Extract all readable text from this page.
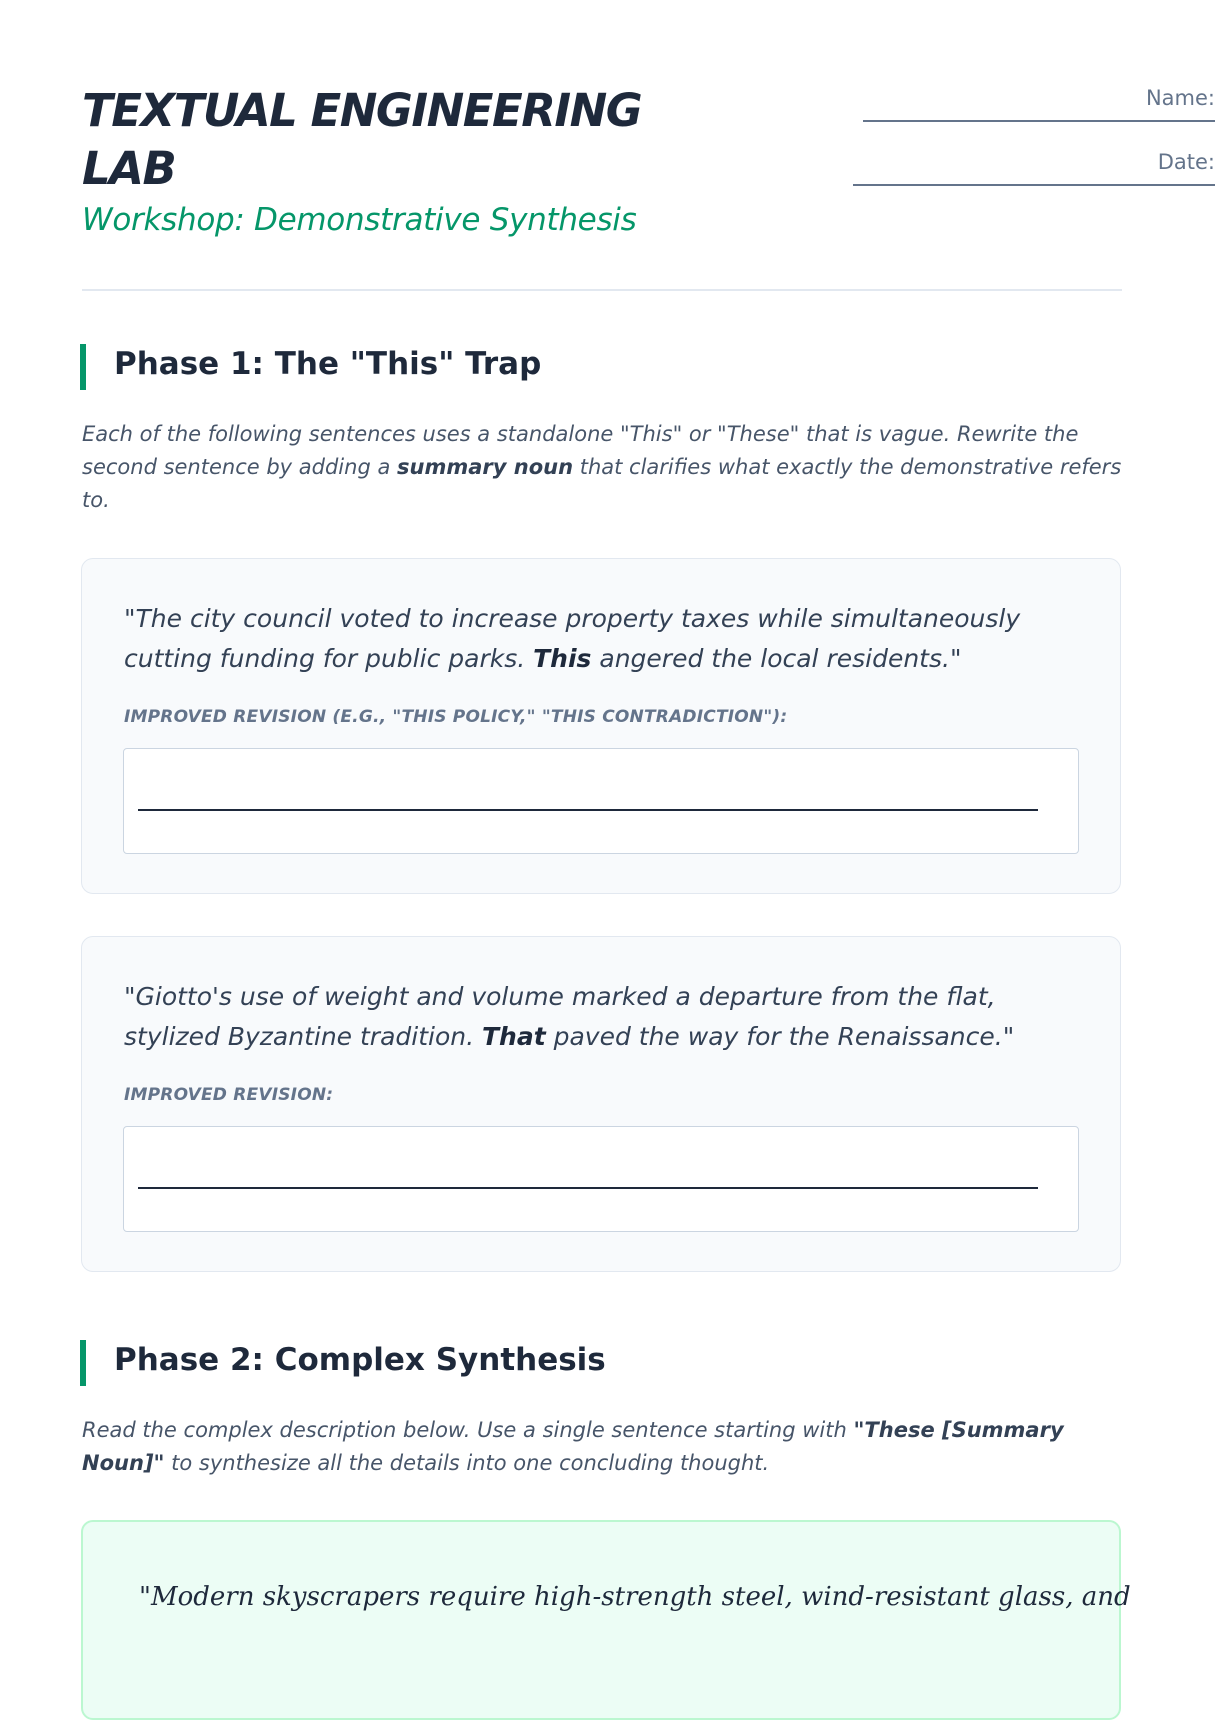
TEXTUAL ENGINEERING LAB

Workshop: Demonstrative Synthesis

Name:
Date:
Phase 1: The "This" Trap

Each of the following sentences uses a standalone "This" or "These" that is vague. Rewrite the second sentence by adding a summary noun that clarifies what exactly the demonstrative refers to.

"The city council voted to increase property taxes while simultaneously cutting funding for public parks. This angered the local residents."

IMPROVED REVISION (E.G., "THIS POLICY," "THIS CONTRADICTION"):

"Giotto's use of weight and volume marked a departure from the flat, stylized Byzantine tradition. That paved the way for the Renaissance."

IMPROVED REVISION:
Phase 2: Complex Synthesis

Read the complex description below. Use a single sentence starting with "These [Summary Noun]" to synthesize all the details into one concluding thought.

"Modern skyscrapers require high-strength steel, wind-resistant glass, and
